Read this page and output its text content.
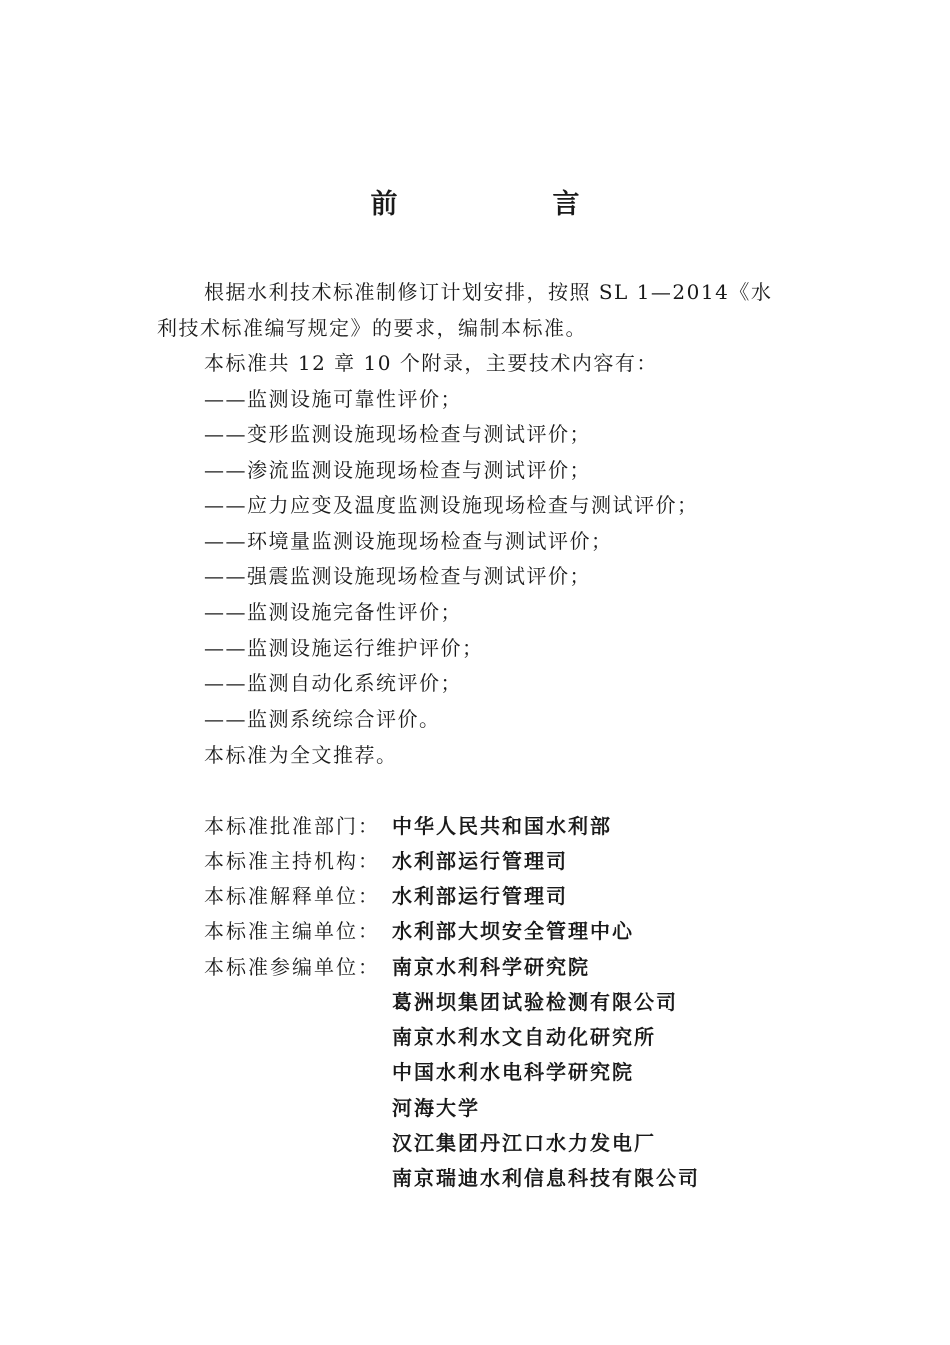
前　言
根据水利技术标准制修订计划安排，按照 SL 1—2014《水
利技术标准编写规定》的要求，编制本标准。
本标准共 12 章 10 个附录，主要技术内容有：
——监测设施可靠性评价；
——变形监测设施现场检查与测试评价；
——渗流监测设施现场检查与测试评价；
——应力应变及温度监测设施现场检查与测试评价；
——环境量监测设施现场检查与测试评价；
——强震监测设施现场检查与测试评价；
——监测设施完备性评价；
——监测设施运行维护评价；
——监测自动化系统评价；
——监测系统综合评价。
本标准为全文推荐。
本标准批准部门： 中华人民共和国水利部
本标准主持机构： 水利部运行管理司
本标准解释单位： 水利部运行管理司
本标准主编单位： 水利部大坝安全管理中心
本标准参编单位： 南京水利科学研究院
葛洲坝集团试验检测有限公司
南京水利水文自动化研究所
中国水利水电科学研究院
河海大学
汉江集团丹江口水力发电厂
南京瑞迪水利信息科技有限公司
